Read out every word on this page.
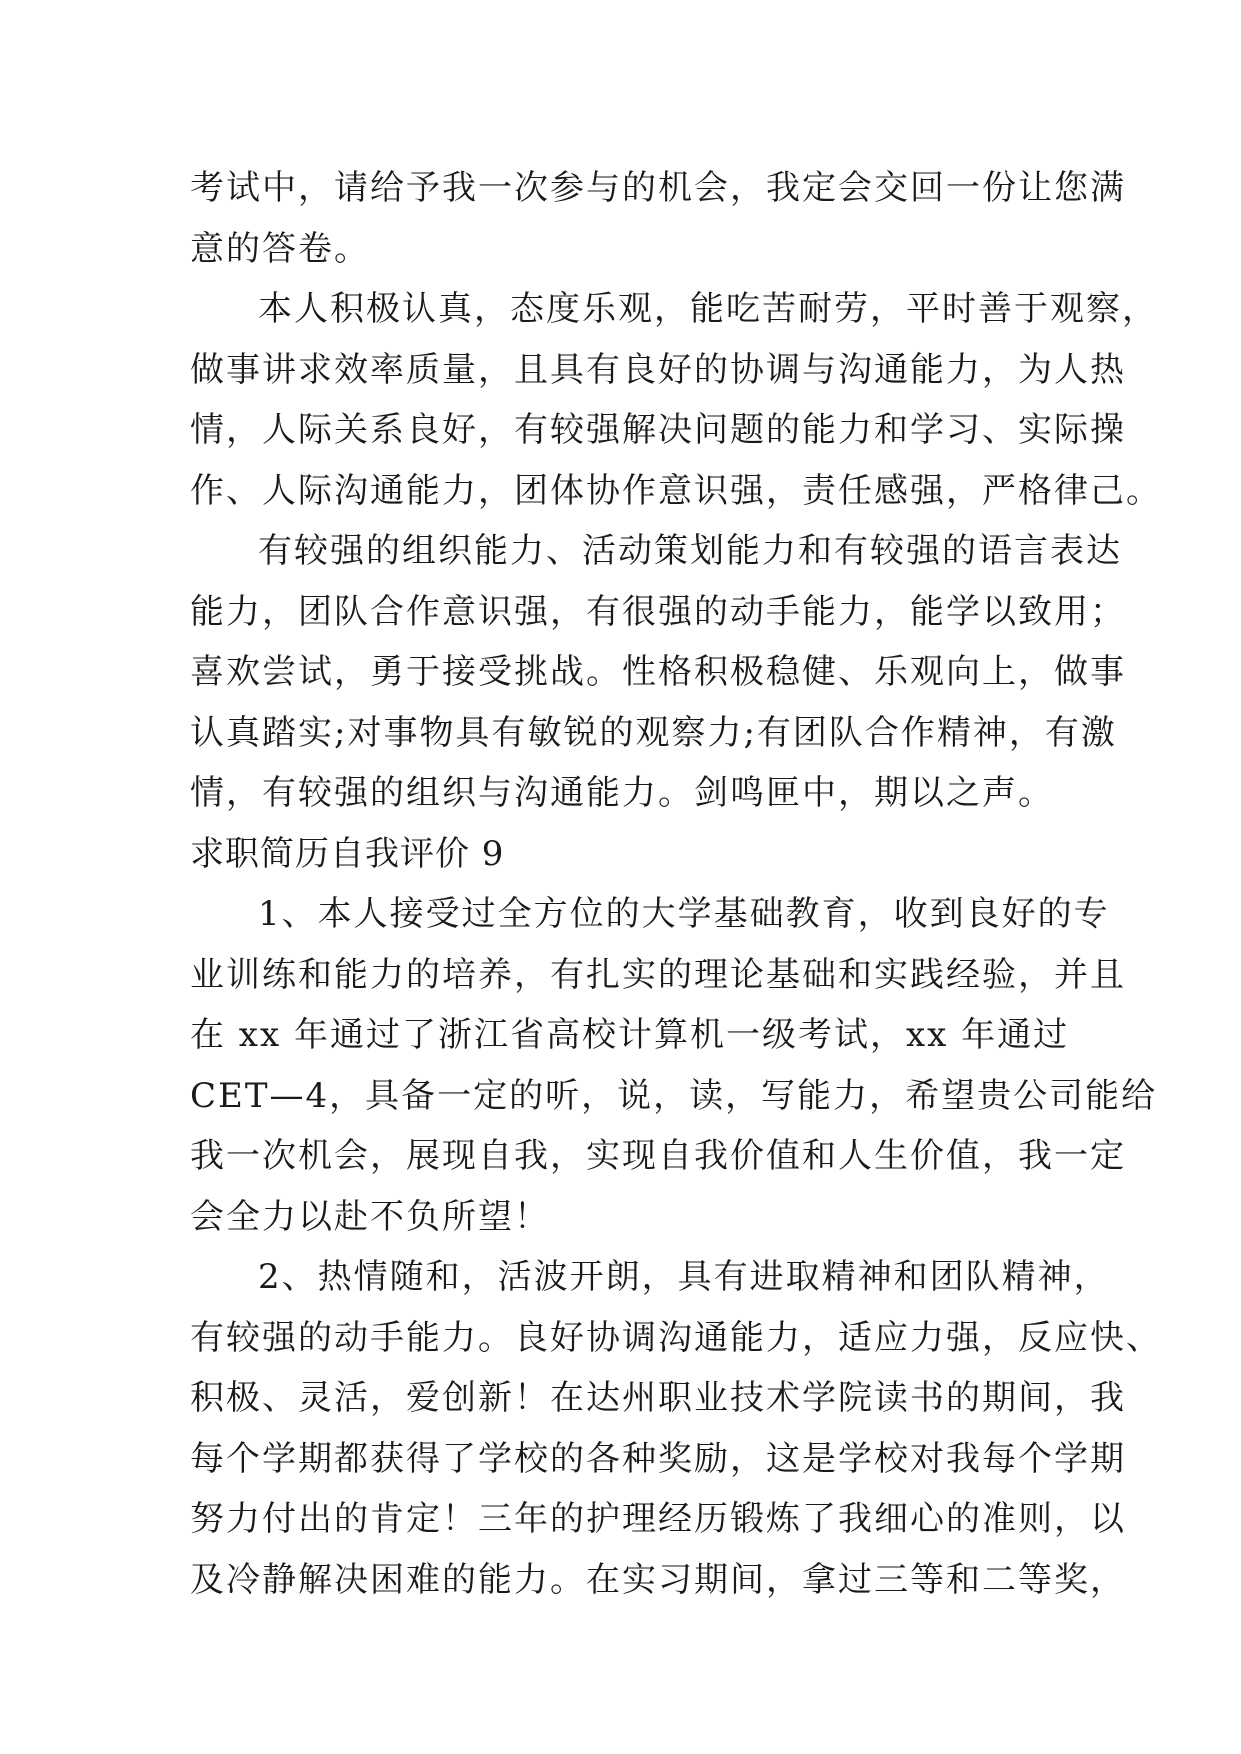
考试中，请给予我一次参与的机会，我定会交回一份让您满
意的答卷。
本人积极认真，态度乐观，能吃苦耐劳，平时善于观察，
做事讲求效率质量，且具有良好的协调与沟通能力，为人热
情，人际关系良好，有较强解决问题的能力和学习、实际操
作、人际沟通能力，团体协作意识强，责任感强，严格律己。
有较强的组织能力、活动策划能力和有较强的语言表达
能力，团队合作意识强，有很强的动手能力，能学以致用；
喜欢尝试，勇于接受挑战。性格积极稳健、乐观向上，做事
认真踏实;对事物具有敏锐的观察力;有团队合作精神，有激
情，有较强的组织与沟通能力。剑鸣匣中，期以之声。
求职简历自我评价 9
1、本人接受过全方位的大学基础教育，收到良好的专
业训练和能力的培养，有扎实的理论基础和实践经验，并且
在 xx 年通过了浙江省高校计算机一级考试，xx 年通过
CET—4，具备一定的听，说，读，写能力，希望贵公司能给
我一次机会，展现自我，实现自我价值和人生价值，我一定
会全力以赴不负所望！
2、热情随和，活波开朗，具有进取精神和团队精神，
有较强的动手能力。良好协调沟通能力，适应力强，反应快、
积极、灵活，爱创新！在达州职业技术学院读书的期间，我
每个学期都获得了学校的各种奖励，这是学校对我每个学期
努力付出的肯定！三年的护理经历锻炼了我细心的准则，以
及冷静解决困难的能力。在实习期间，拿过三等和二等奖，
